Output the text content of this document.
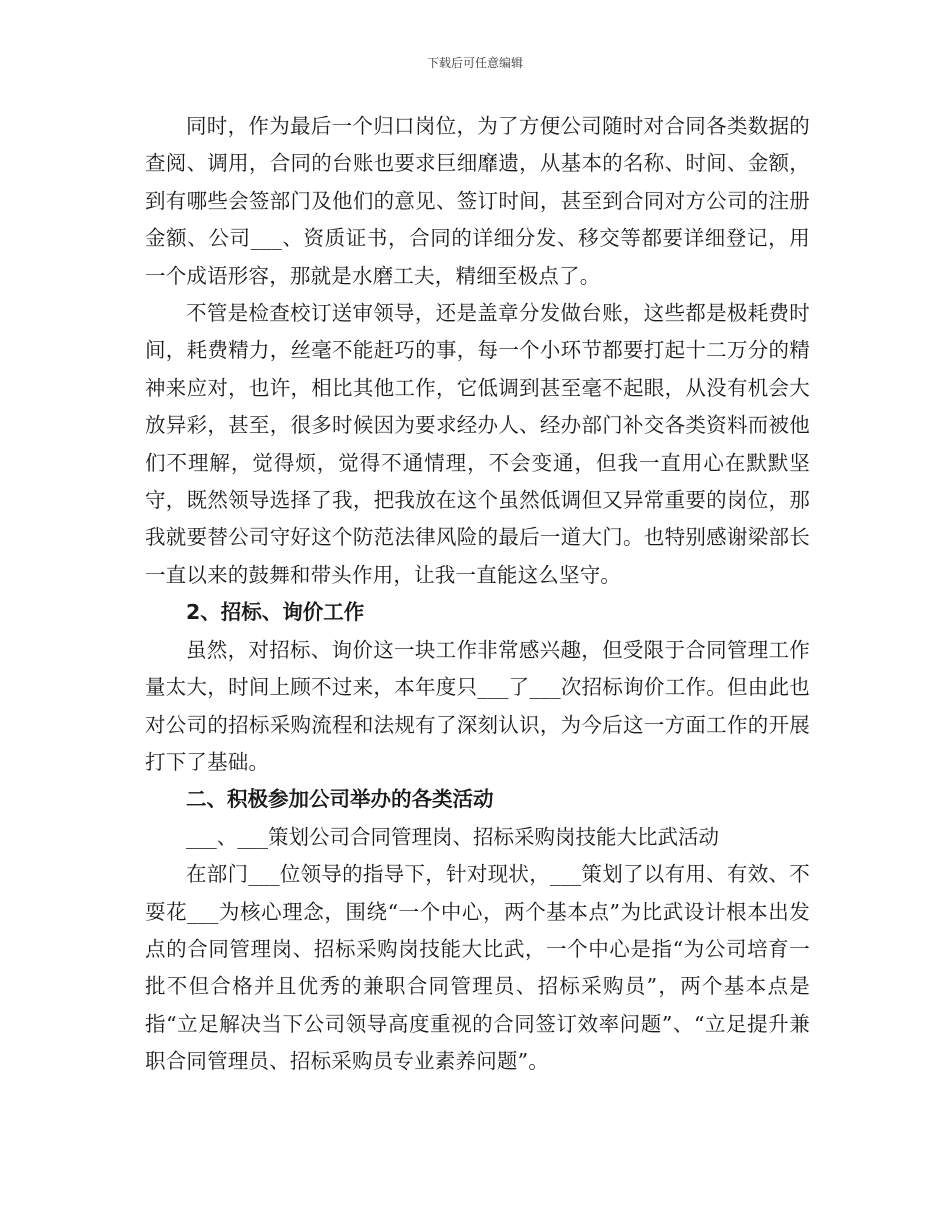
下载后可任意编辑

同时，作为最后一个归口岗位，为了方便公司随时对合同各类数据的查阅、调用，合同的台账也要求巨细靡遗，从基本的名称、时间、金额，到有哪些会签部门及他们的意见、签订时间，甚至到合同对方公司的注册金额、公司___、资质证书，合同的详细分发、移交等都要详细登记，用一个成语形容，那就是水磨工夫，精细至极点了。

不管是检查校订送审领导，还是盖章分发做台账，这些都是极耗费时间，耗费精力，丝毫不能赶巧的事，每一个小环节都要打起十二万分的精神来应对，也许，相比其他工作，它低调到甚至毫不起眼，从没有机会大放异彩，甚至，很多时候因为要求经办人、经办部门补交各类资料而被他们不理解，觉得烦，觉得不通情理，不会变通，但我一直用心在默默坚守，既然领导选择了我，把我放在这个虽然低调但又异常重要的岗位，那我就要替公司守好这个防范法律风险的最后一道大门。也特别感谢梁部长一直以来的鼓舞和带头作用，让我一直能这么坚守。

2、招标、询价工作

虽然，对招标、询价这一块工作非常感兴趣，但受限于合同管理工作量太大，时间上顾不过来，本年度只___了___次招标询价工作。但由此也对公司的招标采购流程和法规有了深刻认识，为今后这一方面工作的开展打下了基础。

二、积极参加公司举办的各类活动

___、___策划公司合同管理岗、招标采购岗技能大比武活动

在部门___位领导的指导下，针对现状，___策划了以有用、有效、不耍花___为核心理念，围绕“一个中心，两个基本点”为比武设计根本出发点的合同管理岗、招标采购岗技能大比武，一个中心是指“为公司培育一批不但合格并且优秀的兼职合同管理员、招标采购员”，两个基本点是指“立足解决当下公司领导高度重视的合同签订效率问题”、“立足提升兼职合同管理员、招标采购员专业素养问题”。
